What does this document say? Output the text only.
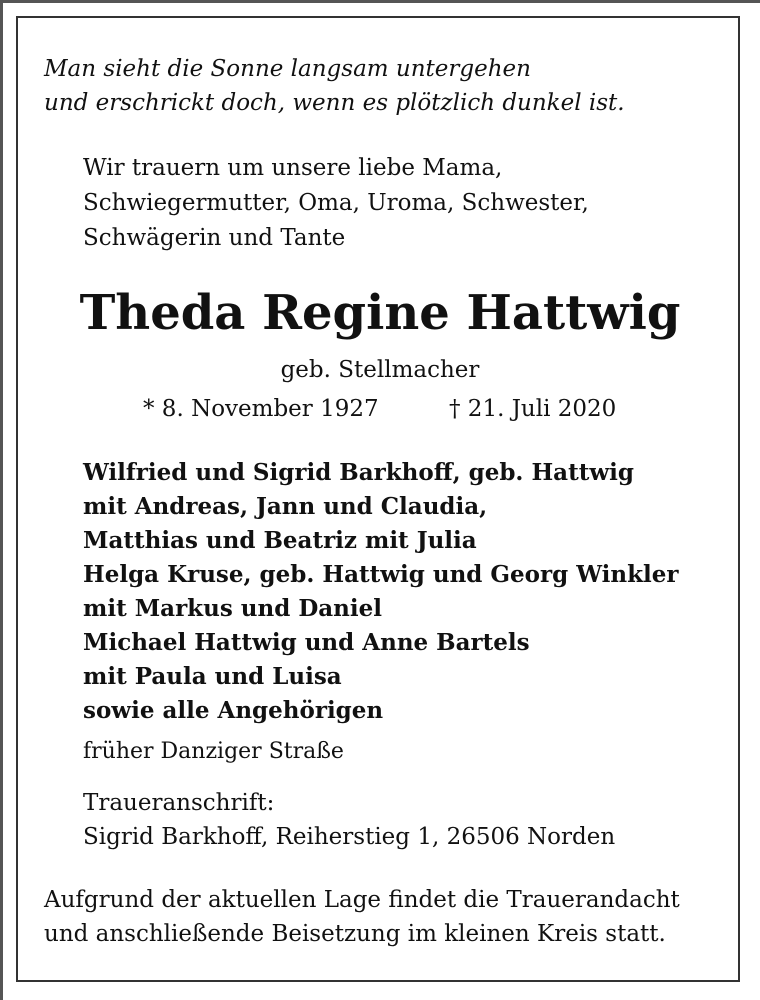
Man sieht die Sonne langsam untergehen
und erschrickt doch, wenn es plötzlich dunkel ist.

Wir trauern um unsere liebe Mama,
Schwiegermutter, Oma, Uroma, Schwester,
Schwägerin und Tante

Theda Regine Hattwig

geb. Stellmacher

* 8. November 1927	† 21. Juli 2020

Wilfried und Sigrid Barkhoff, geb. Hattwig
mit Andreas, Jann und Claudia,
Matthias und Beatriz mit Julia
Helga Kruse, geb. Hattwig und Georg Winkler
mit Markus und Daniel
Michael Hattwig und Anne Bartels
mit Paula und Luisa
sowie alle Angehörigen

früher Danziger Straße

Traueranschrift:
Sigrid Barkhoff, Reiherstieg 1, 26506 Norden

Aufgrund der aktuellen Lage findet die Trauerandacht
und anschließende Beisetzung im kleinen Kreis statt.
